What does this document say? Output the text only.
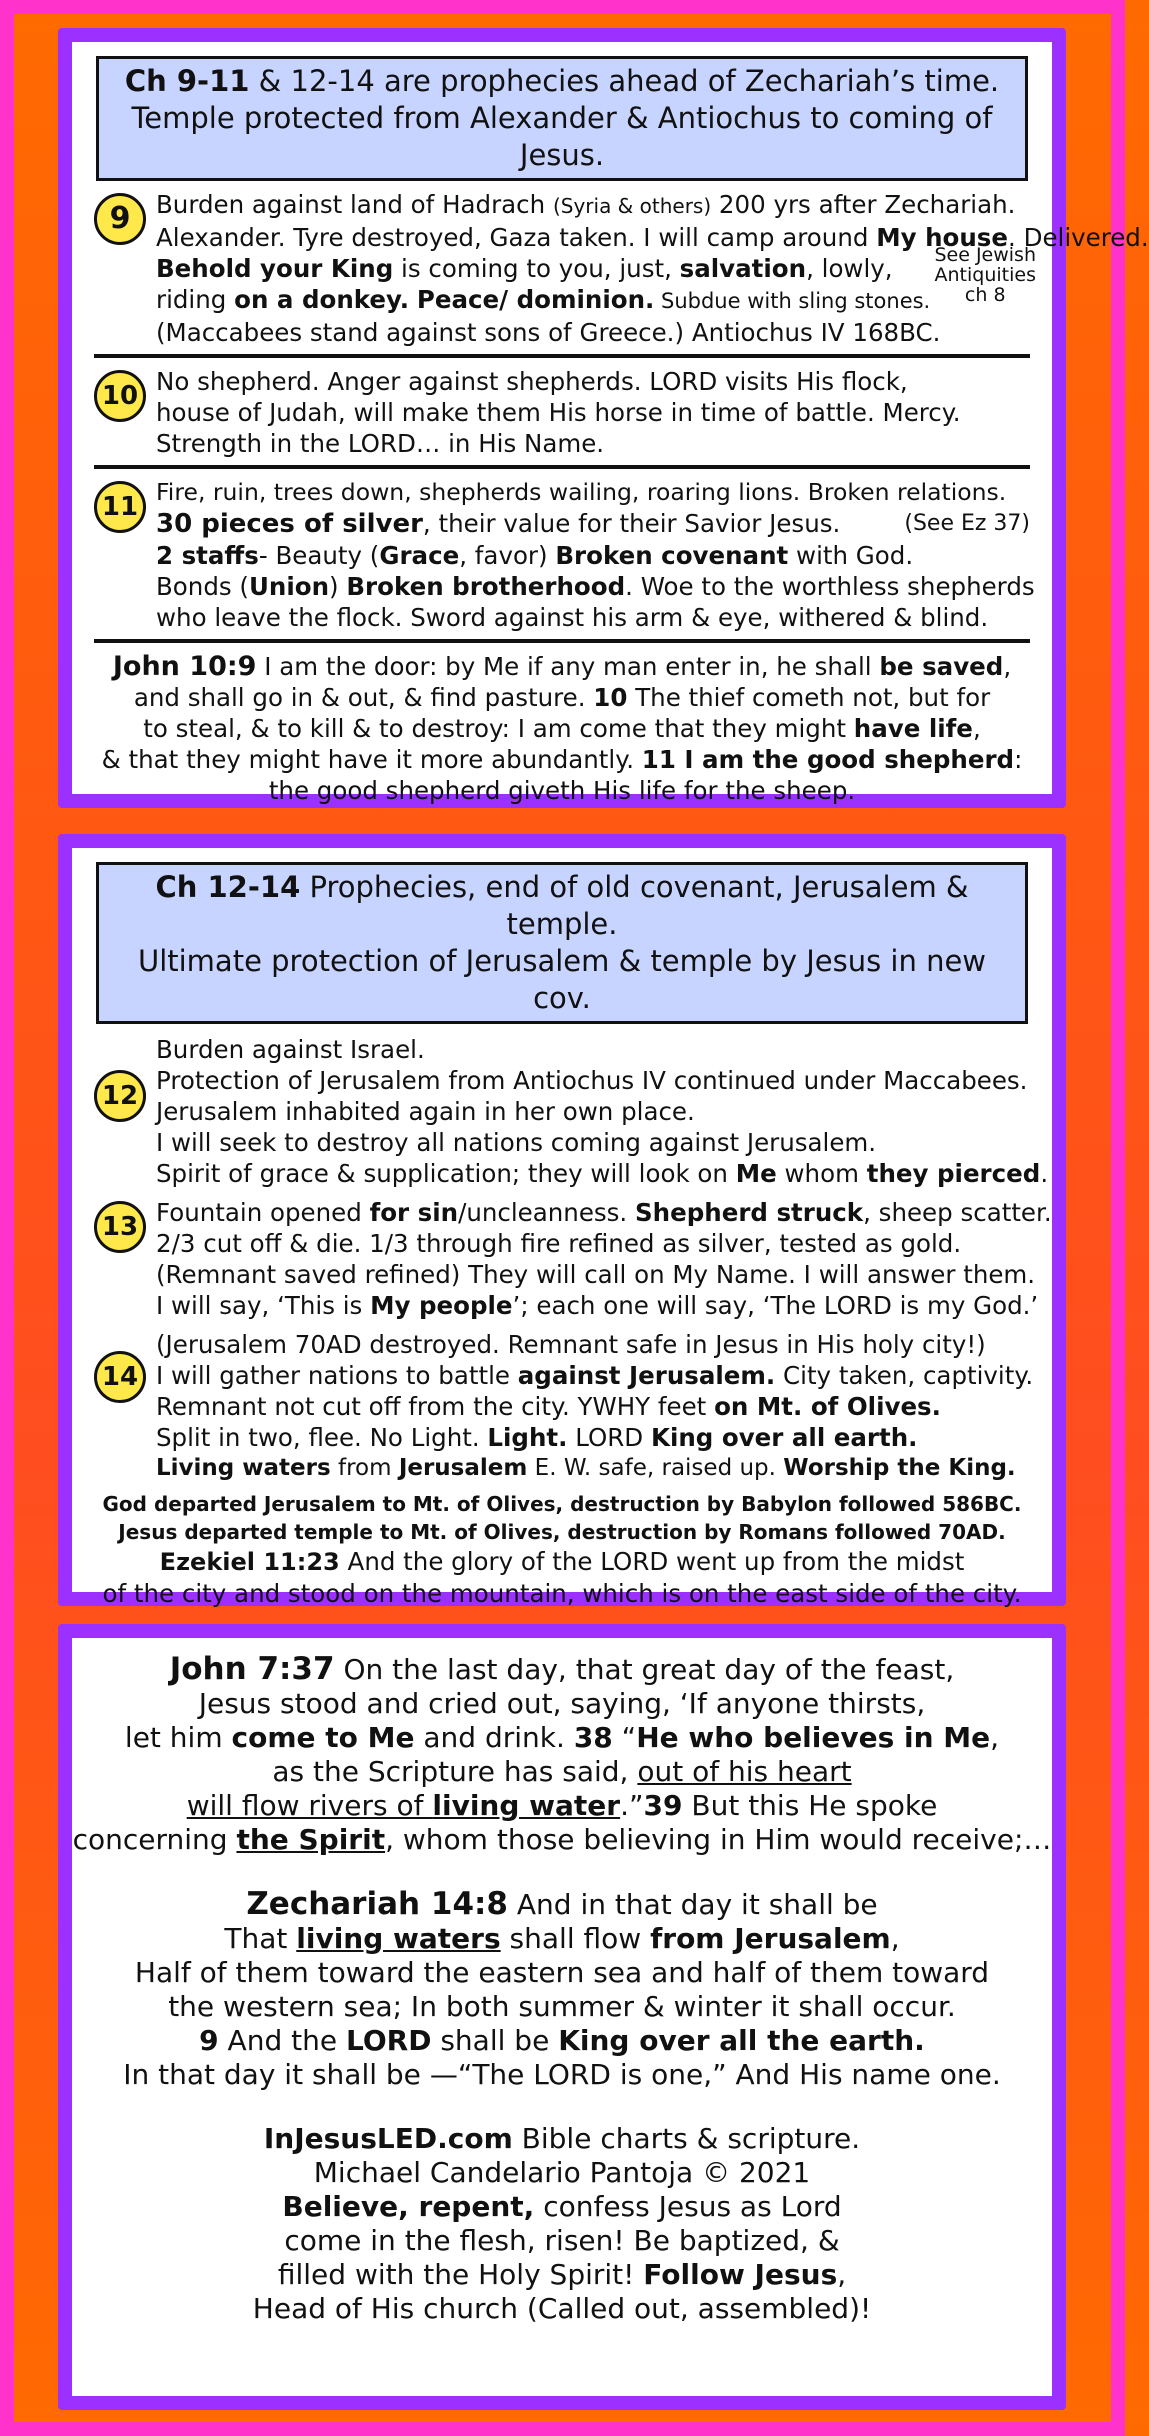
Ch 9-11 & 12-14 are prophecies ahead of Zechariah’s time.
Temple protected from Alexander & Antiochus to coming of Jesus.
9	Burden against land of Hadrach (Syria & others) 200 yrs after Zechariah.
Alexander. Tyre destroyed, Gaza taken. I will camp around My house. Delivered.
Behold your King is coming to you, just, salvation, lowly,
riding on a donkey. Peace/ dominion. Subdue with sling stones.
(Maccabees stand against sons of Greece.) Antiochus IV 168BC.
See Jewish
Antiquities
ch 8
10 No shepherd. Anger against shepherds. LORD visits His flock,
house of Judah, will make them His horse in time of battle. Mercy.
Strength in the LORD… in His Name.
11 Fire, ruin, trees down, shepherds wailing, roaring lions. Broken relations.
30 pieces of silver, their value for their Savior Jesus.	(See Ez 37)
2 staffs- Beauty (Grace, favor) Broken covenant with God.
Bonds (Union) Broken brotherhood. Woe to the worthless shepherds
who leave the flock. Sword against his arm & eye, withered & blind.
John 10:9 I am the door: by Me if any man enter in, he shall be saved,
and shall go in & out, & find pasture. 10 The thief cometh not, but for
to steal, & to kill & to destroy: I am come that they might have life,
& that they might have it more abundantly. 11 I am the good shepherd:
the good shepherd giveth His life for the sheep.
Ch 12-14 Prophecies, end of old covenant, Jerusalem & temple.
Ultimate protection of Jerusalem & temple by Jesus in new cov.
12
Burden against Israel.
Protection of Jerusalem from Antiochus IV continued under Maccabees.
Jerusalem inhabited again in her own place.
I will seek to destroy all nations coming against Jerusalem.
Spirit of grace & supplication; they will look on Me whom they pierced.
13 Fountain opened for sin/uncleanness. Shepherd struck, sheep scatter.
2/3 cut off & die. 1/3 through fire refined as silver, tested as gold.
(Remnant saved refined) They will call on My Name. I will answer them.
I will say, ‘This is My people’; each one will say, ‘The LORD is my God.’
14
(Jerusalem 70AD destroyed. Remnant safe in Jesus in His holy city!)
I will gather nations to battle against Jerusalem. City taken, captivity.
Remnant not cut off from the city. YWHY feet on Mt. of Olives.
Split in two, flee. No Light. Light. LORD King over all earth.
Living waters from Jerusalem E. W. safe, raised up. Worship the King.
God departed Jerusalem to Mt. of Olives, destruction by Babylon followed 586BC.
Jesus departed temple to Mt. of Olives, destruction by Romans followed 70AD.
Ezekiel 11:23 And the glory of the LORD went up from the midst
of the city and stood on the mountain, which is on the east side of the city.
John 7:37 On the last day, that great day of the feast,
Jesus stood and cried out, saying, ‘If anyone thirsts,
let him come to Me and drink. 38 “He who believes in Me,
as the Scripture has said, out of his heart
will flow rivers of living water.”39 But this He spoke
concerning the Spirit, whom those believing in Him would receive;…
Zechariah 14:8 And in that day it shall be
That living waters shall flow from Jerusalem,
Half of them toward the eastern sea and half of them toward
the western sea; In both summer & winter it shall occur.
9 And the LORD shall be King over all the earth.
In that day it shall be —“The LORD is one,” And His name one.
InJesusLED.com Bible charts & scripture.
Michael Candelario Pantoja © 2021
Believe, repent, confess Jesus as Lord
come in the flesh, risen! Be baptized, &
filled with the Holy Spirit! Follow Jesus,
Head of His church (Called out, assembled)!
